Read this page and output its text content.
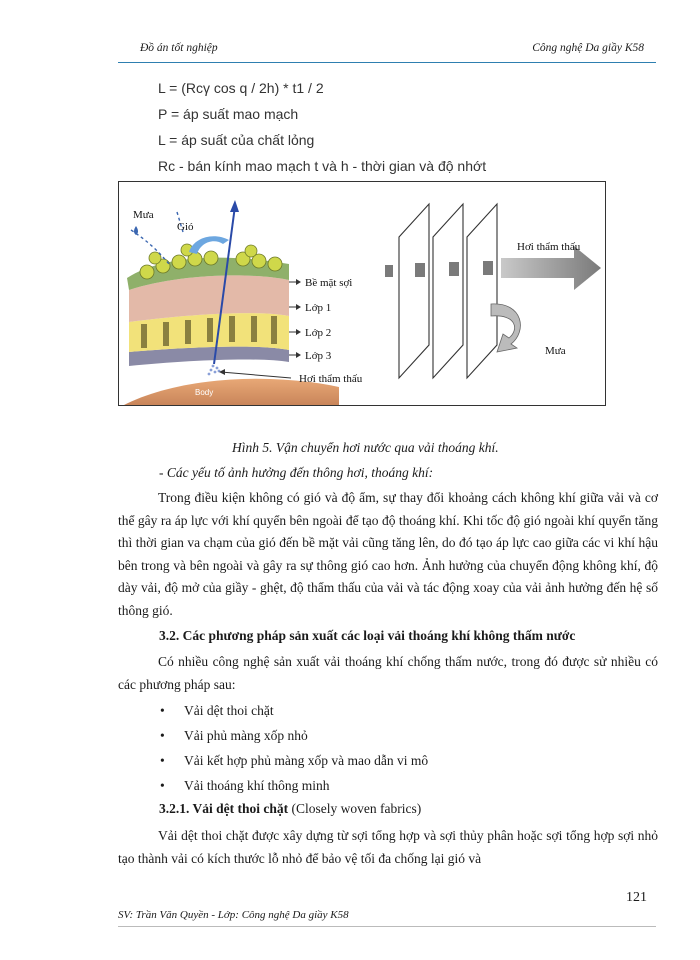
Đồ án tốt nghiệp	Công nghệ Da giầy K58
L = (Rcγ cos q / 2h) * t1 / 2
P = áp suất mao mạch
L = áp suất của chất lỏng
Rc - bán kính mao mạch t và h - thời gian và độ nhớt
Mưa
Gió
Bề mặt sợi
Lớp 1
Lớp 2
Lớp 3
Hơi thẩm thấu
Body
Hơi thẩm thấu
Mưa
Hình 5. Vận chuyển hơi nước qua vải thoáng khí.
- Các yếu tố ảnh hưởng đến thông hơi, thoáng khí:
Trong điều kiện không có gió và độ ẩm, sự thay đổi khoảng cách không khí giữa vải và cơ thể gây ra áp lực với khí quyển bên ngoài để tạo độ thoáng khí. Khi tốc độ gió ngoài khí quyển tăng thì thời gian va chạm của gió đến bề mặt vải cũng tăng lên, do đó tạo áp lực cao giữa các vi khí hậu bên trong và bên ngoài và gây ra sự thông gió cao hơn. Ảnh hưởng của chuyển động không khí, độ dày vải, độ mở của giầy - ghệt, độ thẩm thấu của vải và tác động xoay của vải ảnh hưởng đến hệ số thông gió.
3.2. Các phương pháp sản xuất các loại vải thoáng khí không thấm nước
Có nhiều công nghệ sản xuất vải thoáng khí chống thấm nước, trong đó được sử nhiều có các phương pháp sau:
• Vải dệt thoi chặt
• Vải phủ màng xốp nhỏ
• Vải kết hợp phủ màng xốp và mao dẫn vi mô
• Vải thoáng khí thông minh
3.2.1. Vải dệt thoi chặt (Closely woven fabrics)
Vải dệt thoi chặt được xây dựng từ sợi tổng hợp và sợi thủy phân hoặc sợi tổng hợp sợi nhỏ tạo thành vải có kích thước lỗ nhỏ để bảo vệ tối đa chống lại gió và
121
SV: Trần Văn Quyền - Lớp: Công nghệ Da giầy K58
